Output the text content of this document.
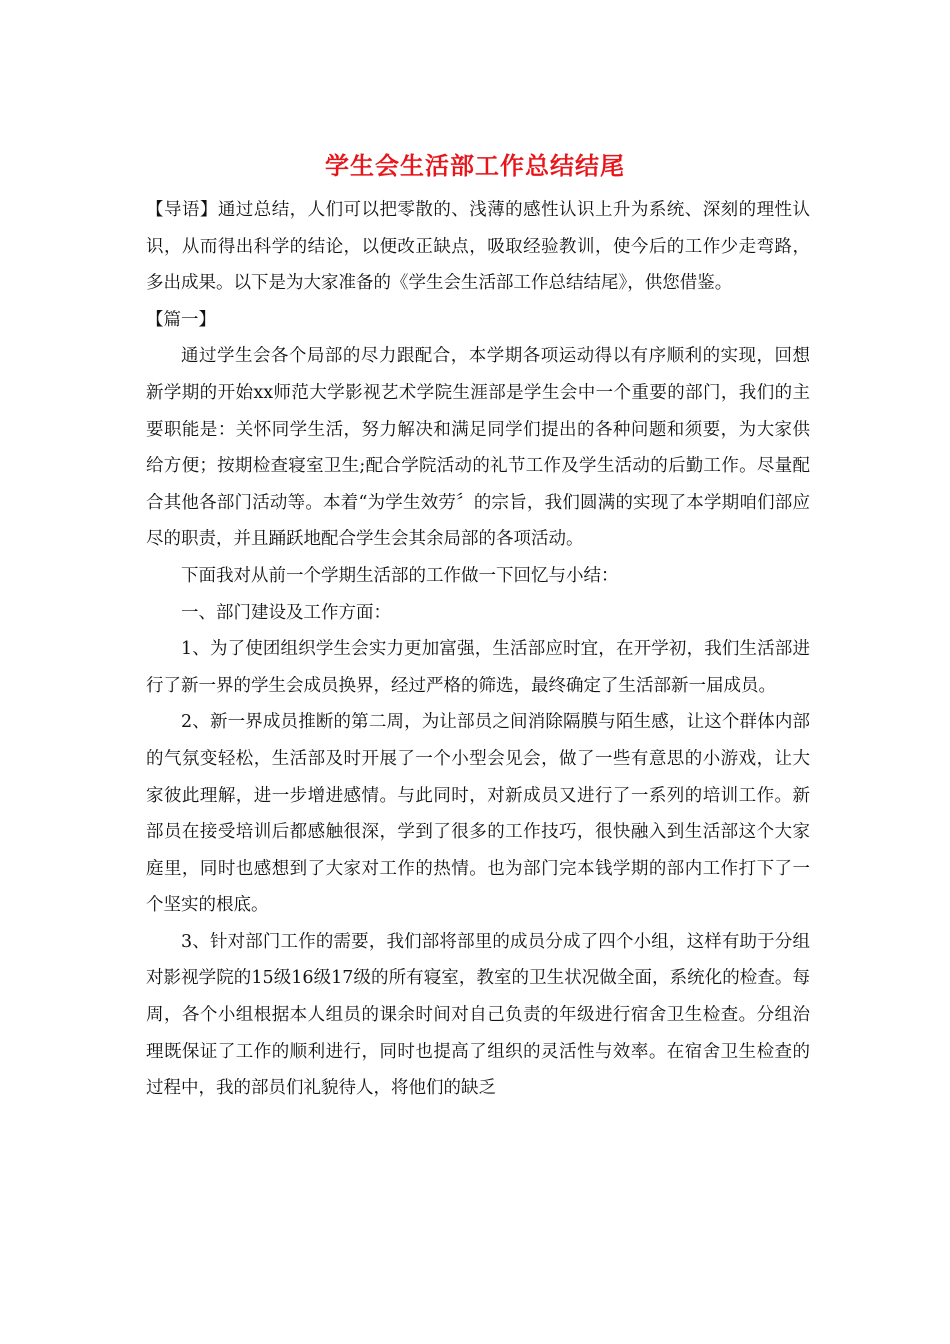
学生会生活部工作总结结尾

【导语】通过总结，人们可以把零散的、浅薄的感性认识上升为系统、深刻的理性认识，从而得出科学的结论，以便改正缺点，吸取经验教训，使今后的工作少走弯路，多出成果。以下是为大家准备的《学生会生活部工作总结结尾》，供您借鉴。

【篇一】

通过学生会各个局部的尽力跟配合，本学期各项运动得以有序顺利的实现，回想新学期的开始xx师范大学影视艺术学院生涯部是学生会中一个重要的部门，我们的主要职能是：关怀同学生活，努力解决和满足同学们提出的各种问题和须要，为大家供给方便；按期检查寝室卫生;配合学院活动的礼节工作及学生活动的后勤工作。尽量配合其他各部门活动等。本着“为学生效劳〞的宗旨，我们圆满的实现了本学期咱们部应尽的职责，并且踊跃地配合学生会其余局部的各项活动。

下面我对从前一个学期生活部的工作做一下回忆与小结：

一、部门建设及工作方面：

1、为了使团组织学生会实力更加富强，生活部应时宜，在开学初，我们生活部进行了新一界的学生会成员换界，经过严格的筛选，最终确定了生活部新一届成员。

2、新一界成员推断的第二周，为让部员之间消除隔膜与陌生感，让这个群体内部的气氛变轻松，生活部及时开展了一个小型会见会，做了一些有意思的小游戏，让大家彼此理解，进一步增进感情。与此同时，对新成员又进行了一系列的培训工作。新部员在接受培训后都感触很深，学到了很多的工作技巧，很快融入到生活部这个大家庭里，同时也感想到了大家对工作的热情。也为部门完本钱学期的部内工作打下了一个坚实的根底。

3、针对部门工作的需要，我们部将部里的成员分成了四个小组，这样有助于分组对影视学院的15级16级17级的所有寝室，教室的卫生状况做全面，系统化的检查。每周，各个小组根据本人组员的课余时间对自己负责的年级进行宿舍卫生检查。分组治理既保证了工作的顺利进行，同时也提高了组织的灵活性与效率。在宿舍卫生检查的过程中，我的部员们礼貌待人，将他们的缺乏
